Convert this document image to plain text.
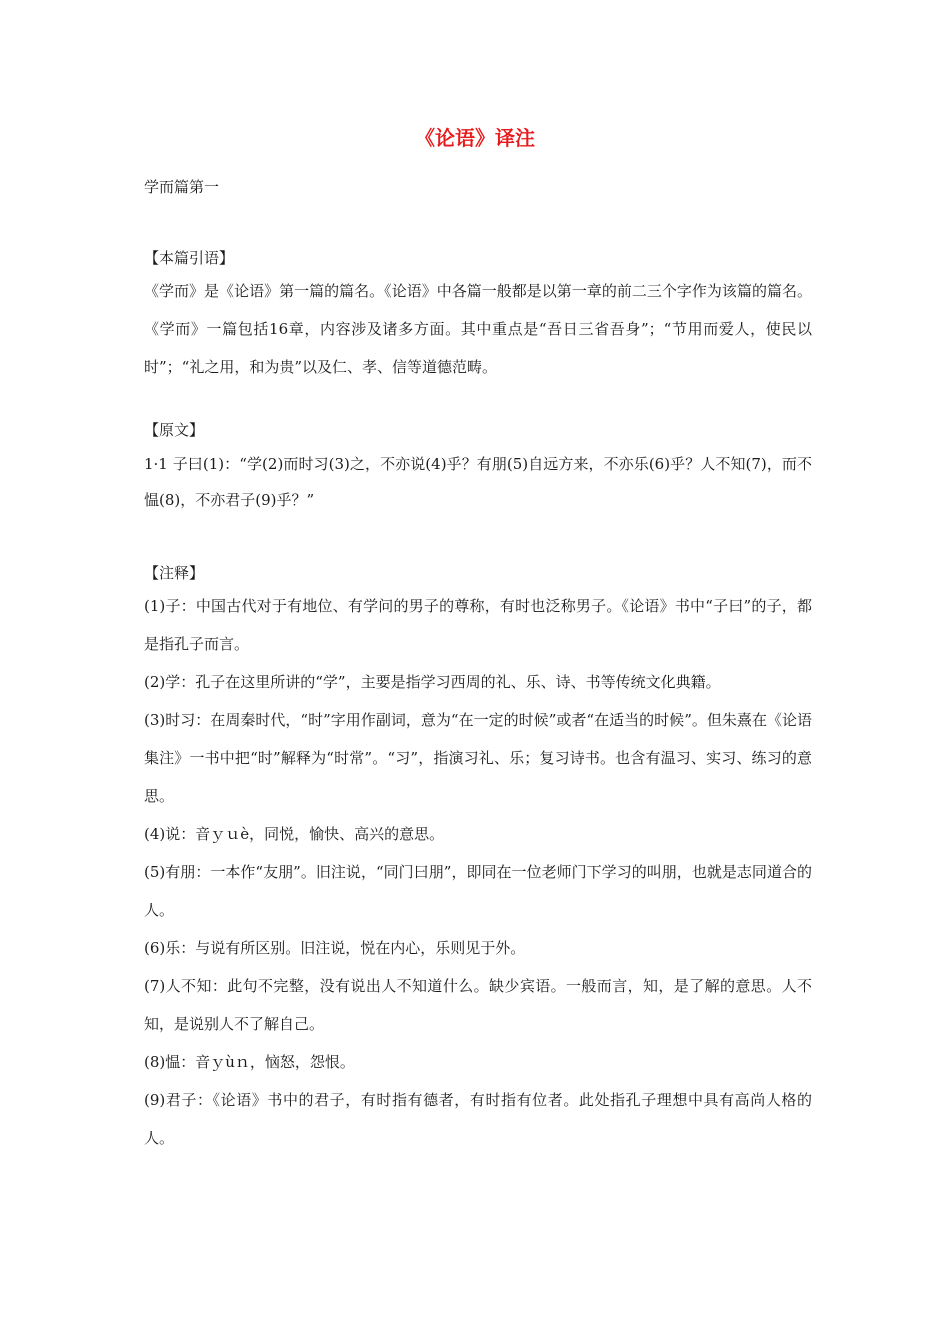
《论语》译注
学而篇第一
【本篇引语】
《学而》是《论语》第一篇的篇名。《论语》中各篇一般都是以第一章的前二三个字作为该篇的篇名。《学而》一篇包括16章，内容涉及诸多方面。其中重点是“吾日三省吾身”；“节用而爱人，使民以时”；“礼之用，和为贵”以及仁、孝、信等道德范畴。
【原文】
1·1 子曰(1)：“学(2)而时习(3)之，不亦说(4)乎？有朋(5)自远方来，不亦乐(6)乎？人不知(7)，而不愠(8)，不亦君子(9)乎？”
【注释】
(1)子：中国古代对于有地位、有学问的男子的尊称，有时也泛称男子。《论语》书中“子曰”的子，都是指孔子而言。
(2)学：孔子在这里所讲的“学”，主要是指学习西周的礼、乐、诗、书等传统文化典籍。
(3)时习：在周秦时代，“时”字用作副词，意为“在一定的时候”或者“在适当的时候”。但朱熹在《论语集注》一书中把“时”解释为“时常”。“习”，指演习礼、乐；复习诗书。也含有温习、实习、练习的意思。
(4)说：音ｙｕè，同悦，愉快、高兴的意思。
(5)有朋：一本作“友朋”。旧注说，“同门曰朋”，即同在一位老师门下学习的叫朋，也就是志同道合的人。
(6)乐：与说有所区别。旧注说，悦在内心，乐则见于外。
(7)人不知：此句不完整，没有说出人不知道什么。缺少宾语。一般而言，知，是了解的意思。人不知，是说别人不了解自己。
(8)愠：音ｙùｎ，恼怒，怨恨。
(9)君子：《论语》书中的君子，有时指有德者，有时指有位者。此处指孔子理想中具有高尚人格的人。
